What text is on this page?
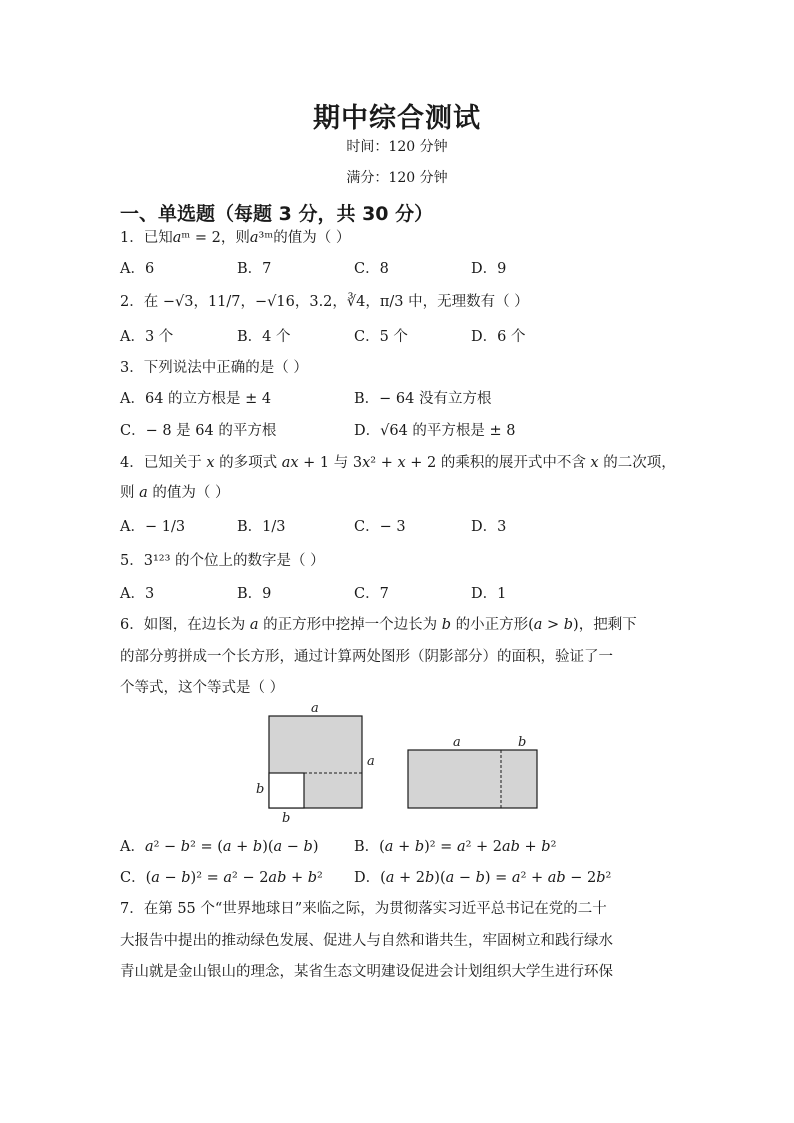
期中综合测试
时间：120 分钟
满分：120 分钟
一、单选题（每题 3 分，共 30 分）
1．已知𝑎ᵐ = 2，则𝑎³ᵐ的值为（ ）
A．6	B．7	C．8	D．9
2．在 −√3，11/7，−√16，3.2，∛4，π/3 中，无理数有（ ）
A．3 个	B．4 个	C．5 个	D．6 个
3．下列说法中正确的是（ ）
A．64 的立方根是 ± 4	B．− 64 没有立方根
C．− 8 是 64 的平方根	D．√64 的平方根是 ± 8
4．已知关于 𝑥 的多项式 𝑎𝑥 + 1 与 3𝑥² + 𝑥 + 2 的乘积的展开式中不含 𝑥 的二次项，
则 𝑎 的值为（ ）
A．− 1/3	B．1/3	C．− 3	D．3
5．3¹²³ 的个位上的数字是（ ）
A．3	B．9	C．7	D．1
6．如图，在边长为 𝑎 的正方形中挖掉一个边长为 𝑏 的小正方形(𝑎 > 𝑏)，把剩下
的部分剪拼成一个长方形，通过计算两处图形（阴影部分）的面积，验证了一
个等式，这个等式是（ ）
a
a
b
b
a	b
A．𝑎² − 𝑏² = (𝑎 + 𝑏)(𝑎 − 𝑏) B．(𝑎 + 𝑏)² = 𝑎² + 2𝑎𝑏 + 𝑏²
C．(𝑎 − 𝑏)² = 𝑎² − 2𝑎𝑏 + 𝑏² D．(𝑎 + 2𝑏)(𝑎 − 𝑏) = 𝑎² + 𝑎𝑏 − 2𝑏²
7．在第 55 个“世界地球日”来临之际，为贯彻落实习近平总书记在党的二十
大报告中提出的推动绿色发展、促进人与自然和谐共生，牢固树立和践行绿水
青山就是金山银山的理念，某省生态文明建设促进会计划组织大学生进行环保
